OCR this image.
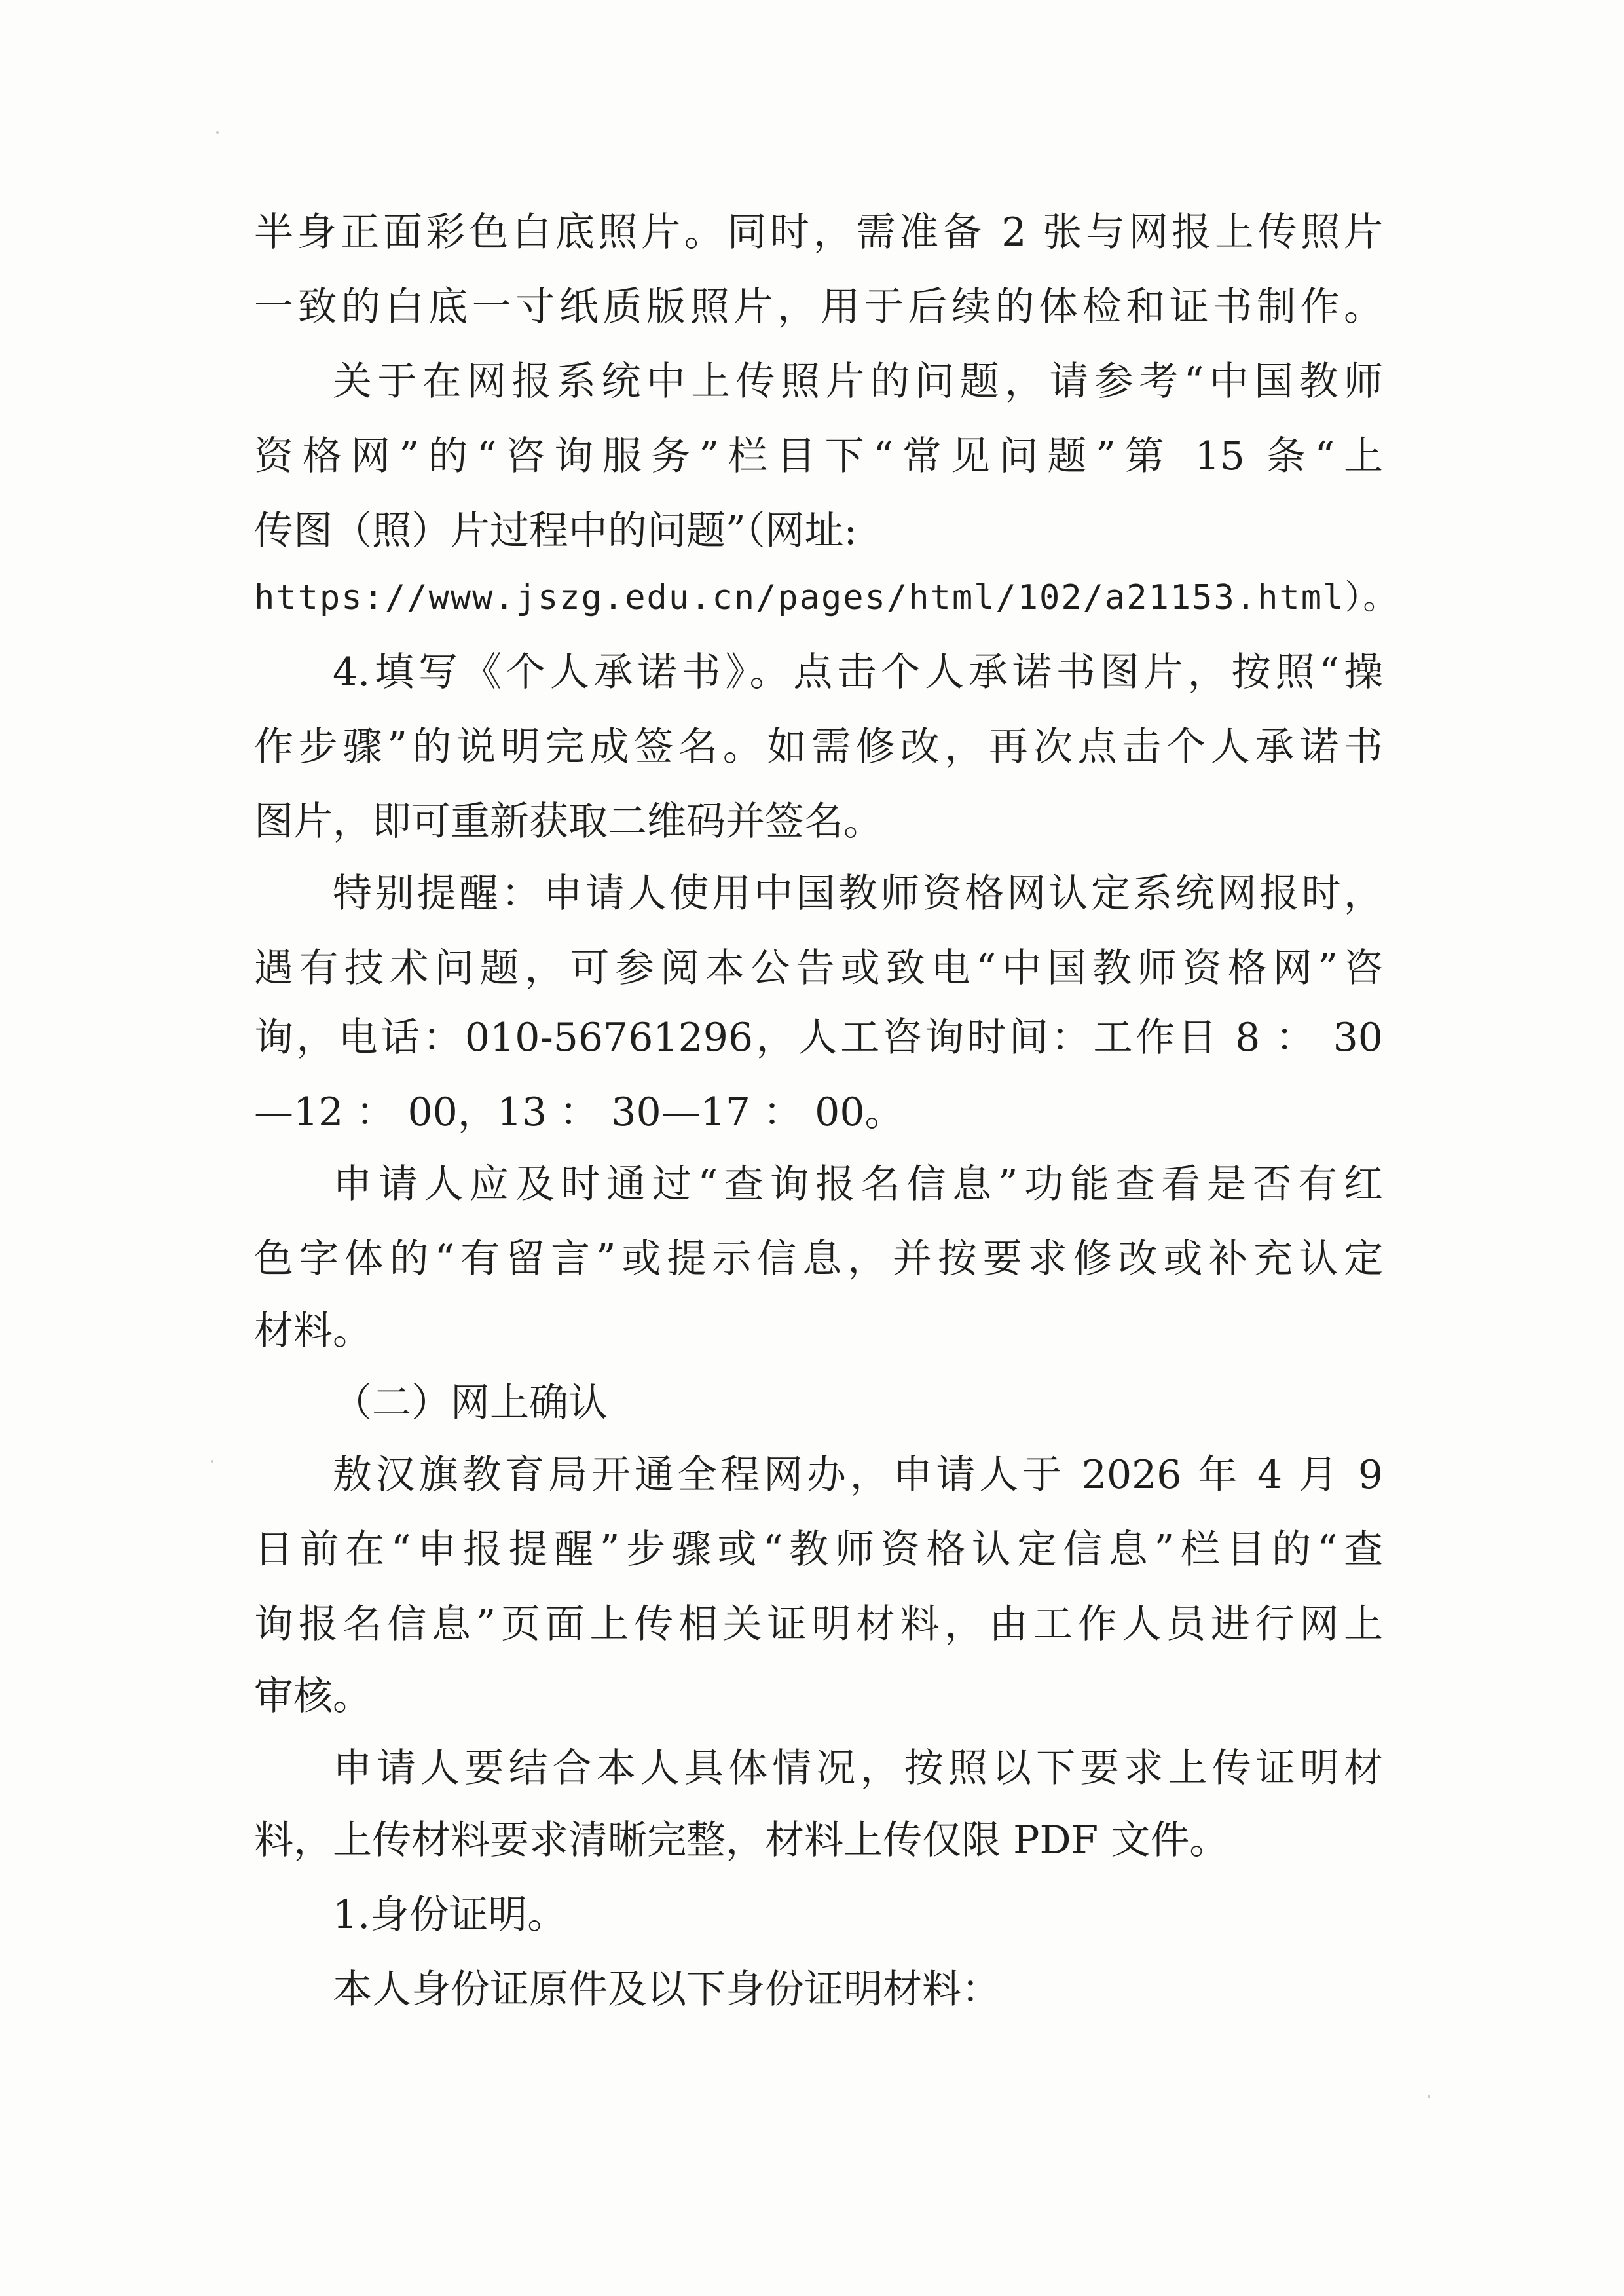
半身正面彩色白底照片。同时，需准备 2 张与网报上传照片
一致的白底一寸纸质版照片，用于后续的体检和证书制作。
关于在网报系统中上传照片的问题，请参考“中国教师
资格网”的“咨询服务”栏目下“常见问题”第 15 条“上
传图（照）片过程中的问题”（网址:
https://www.jszg.edu.cn/pages/html/102/a21153.html）。
4.填写《个人承诺书》。点击个人承诺书图片，按照“操
作步骤”的说明完成签名。如需修改，再次点击个人承诺书
图片，即可重新获取二维码并签名。
特别提醒：申请人使用中国教师资格网认定系统网报时，
遇有技术问题，可参阅本公告或致电“中国教师资格网”咨
询，电话：010-56761296，人工咨询时间：工作日 8 ： 30
—12 ： 00，13 ： 30—17 ： 00。
申请人应及时通过“查询报名信息”功能查看是否有红
色字体的“有留言”或提示信息，并按要求修改或补充认定
材料。
（二）网上确认
敖汉旗教育局开通全程网办，申请人于 2026 年 4 月 9
日前在“申报提醒”步骤或“教师资格认定信息”栏目的“查
询报名信息”页面上传相关证明材料，由工作人员进行网上
审核。
申请人要结合本人具体情况，按照以下要求上传证明材
料，上传材料要求清晰完整，材料上传仅限 PDF 文件。
1.身份证明。
本人身份证原件及以下身份证明材料：
